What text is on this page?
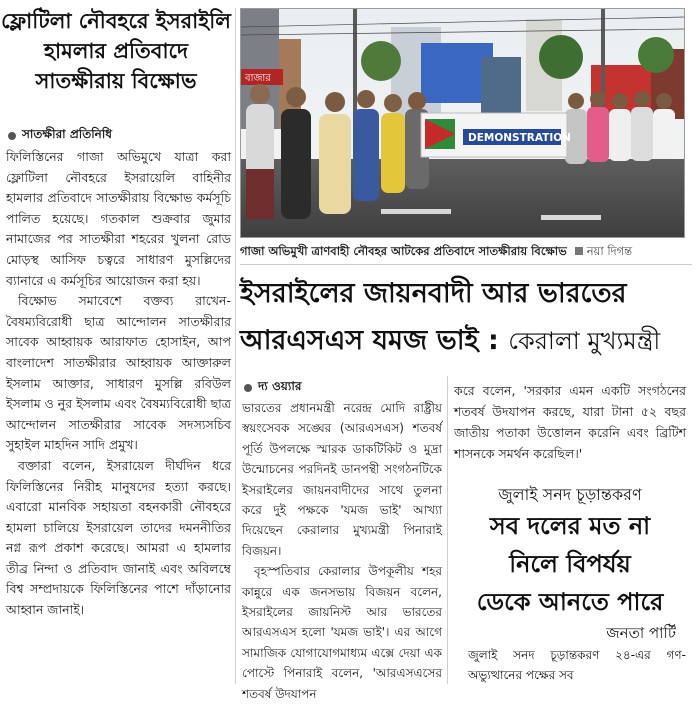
ফ্লোটিলা নৌবহরে ইসরাইলি হামলার প্রতিবাদে সাতক্ষীরায় বিক্ষোভ
সাতক্ষীরা প্রতিনিধি

ফিলিস্তিনের গাজা অভিমুখে যাত্রা করা ফ্লোটিলা নৌবহরে ইসরায়েলি বাহিনীর হামলার প্রতিবাদে সাতক্ষীরায় বিক্ষোভ কর্মসূচি পালিত হয়েছে। গতকাল শুক্রবার জুমার নামাজের পর সাতক্ষীরা শহরের খুলনা রোড মোড়স্থ আসিফ চত্বরে সাধারণ মুসল্লিদের ব্যানারে এ কর্মসূচির আয়োজন করা হয়।

বিক্ষোভ সমাবেশে বক্তব্য রাখেন- বৈষম্যবিরোধী ছাত্র আন্দোলন সাতক্ষীরার সাবেক আহ্বায়ক আরাফাত হোসাইন, আপ বাংলাদেশ সাতক্ষীরার আহ্বায়ক আক্তারুল ইসলাম আক্তার, সাধারণ মুসল্লি রবিউল ইসলাম ও নুর ইসলাম এবং বৈষম্যবিরোধী ছাত্র আন্দোলন সাতক্ষীরার সাবেক সদস্যসচিব সুহাইল মাহদিন সাদি প্রমুখ।

বক্তারা বলেন, ইসরায়েল দীর্ঘদিন ধরে ফিলিস্তিনের নিরীহ মানুষদের হত্যা করছে। এবারো মানবিক সহায়তা বহনকারী নৌবহরে হামলা চালিয়ে ইসরায়েল তাদের দমননীতির নগ্ন রূপ প্রকাশ করেছে। আমরা এ হামলার তীব্র নিন্দা ও প্রতিবাদ জানাই এবং অবিলম্বে বিশ্ব সম্প্রদায়কে ফিলিস্তিনের পাশে দাঁড়ানোর আহ্বান জানাই।

বাজার
DEMONSTRATION
গাজা অভিমুখী ত্রাণবাহী নৌবহর আটকের প্রতিবাদে সাতক্ষীরায় বিক্ষোভ নয়া দিগন্ত
ইসরাইলের জায়নবাদী আর ভারতের
আরএসএস যমজ ভাই : কেরালা মুখ্যমন্ত্রী
দ্য ওয়্যার

ভারতের প্রধানমন্ত্রী নরেন্দ্র মোদি রাষ্ট্রীয় স্বয়ংসেবক সঙ্ঘের (আরএসএস) শতবর্ষ পূর্তি উপলক্ষে স্মারক ডাকটিকিট ও মুদ্রা উন্মোচনের পরদিনই ডানপন্থী সংগঠনটিকে ইসরাইলের জায়নবাদীদের সাথে তুলনা করে দুই পক্ষকে 'যমজ ভাই' আখ্যা দিয়েছেন কেরালার মুখ্যমন্ত্রী পিনারাই বিজয়ন।

বৃহস্পতিবার কেরালার উপকূলীয় শহর কান্নুরে এক জনসভায় বিজয়ন বলেন, ইসরাইলের জায়নিস্ট আর ভারতের আরএসএস হলো 'যমজ ভাই'। এর আগে সামাজিক যোগাযোগমাধ্যম এক্সে দেয়া এক পোস্টে পিনারাই বলেন, 'আরএসএসের শতবর্ষ উদযাপন

করে বলেন, 'সরকার এমন একটি সংগঠনের শতবর্ষ উদযাপন করছে, যারা টানা ৫২ বছর জাতীয় পতাকা উত্তোলন করেনি এবং ব্রিটিশ শাসনকে সমর্থন করেছিল।'

জুলাই সনদ চূড়ান্তকরণ
সব দলের মত না
নিলে বিপর্যয়
ডেকে আনতে পারে
জনতা পার্টি
জুলাই সনদ চূড়ান্তকরণ ২৪-এর গণ-অভ্যুত্থানের পক্ষের সব
